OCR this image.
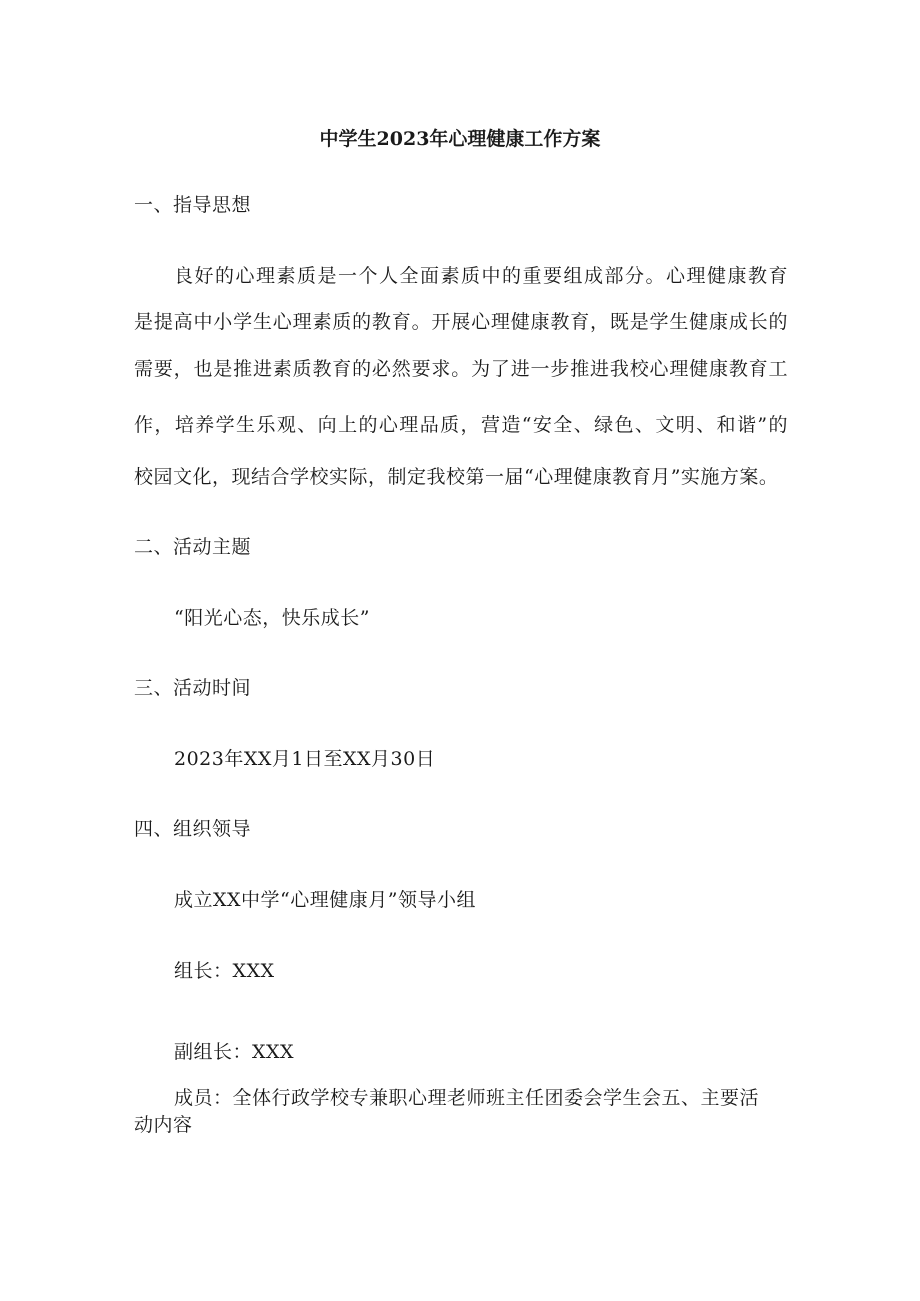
中学生2023年心理健康工作方案

一、指导思想

良好的心理素质是一个人全面素质中的重要组成部分。心理健康教育

是提高中小学生心理素质的教育。开展心理健康教育，既是学生健康成长的

需要，也是推进素质教育的必然要求。为了进一步推进我校心理健康教育工

作，培养学生乐观、向上的心理品质，营造“安全、绿色、文明、和谐”的

校园文化，现结合学校实际，制定我校第一届“心理健康教育月”实施方案。

二、活动主题

“阳光心态，快乐成长”

三、活动时间

2023年XX月1日至XX月30日

四、组织领导

成立XX中学“心理健康月”领导小组

组长：XXX

副组长：XXX

成员：全体行政学校专兼职心理老师班主任团委会学生会五、主要活

动内容
